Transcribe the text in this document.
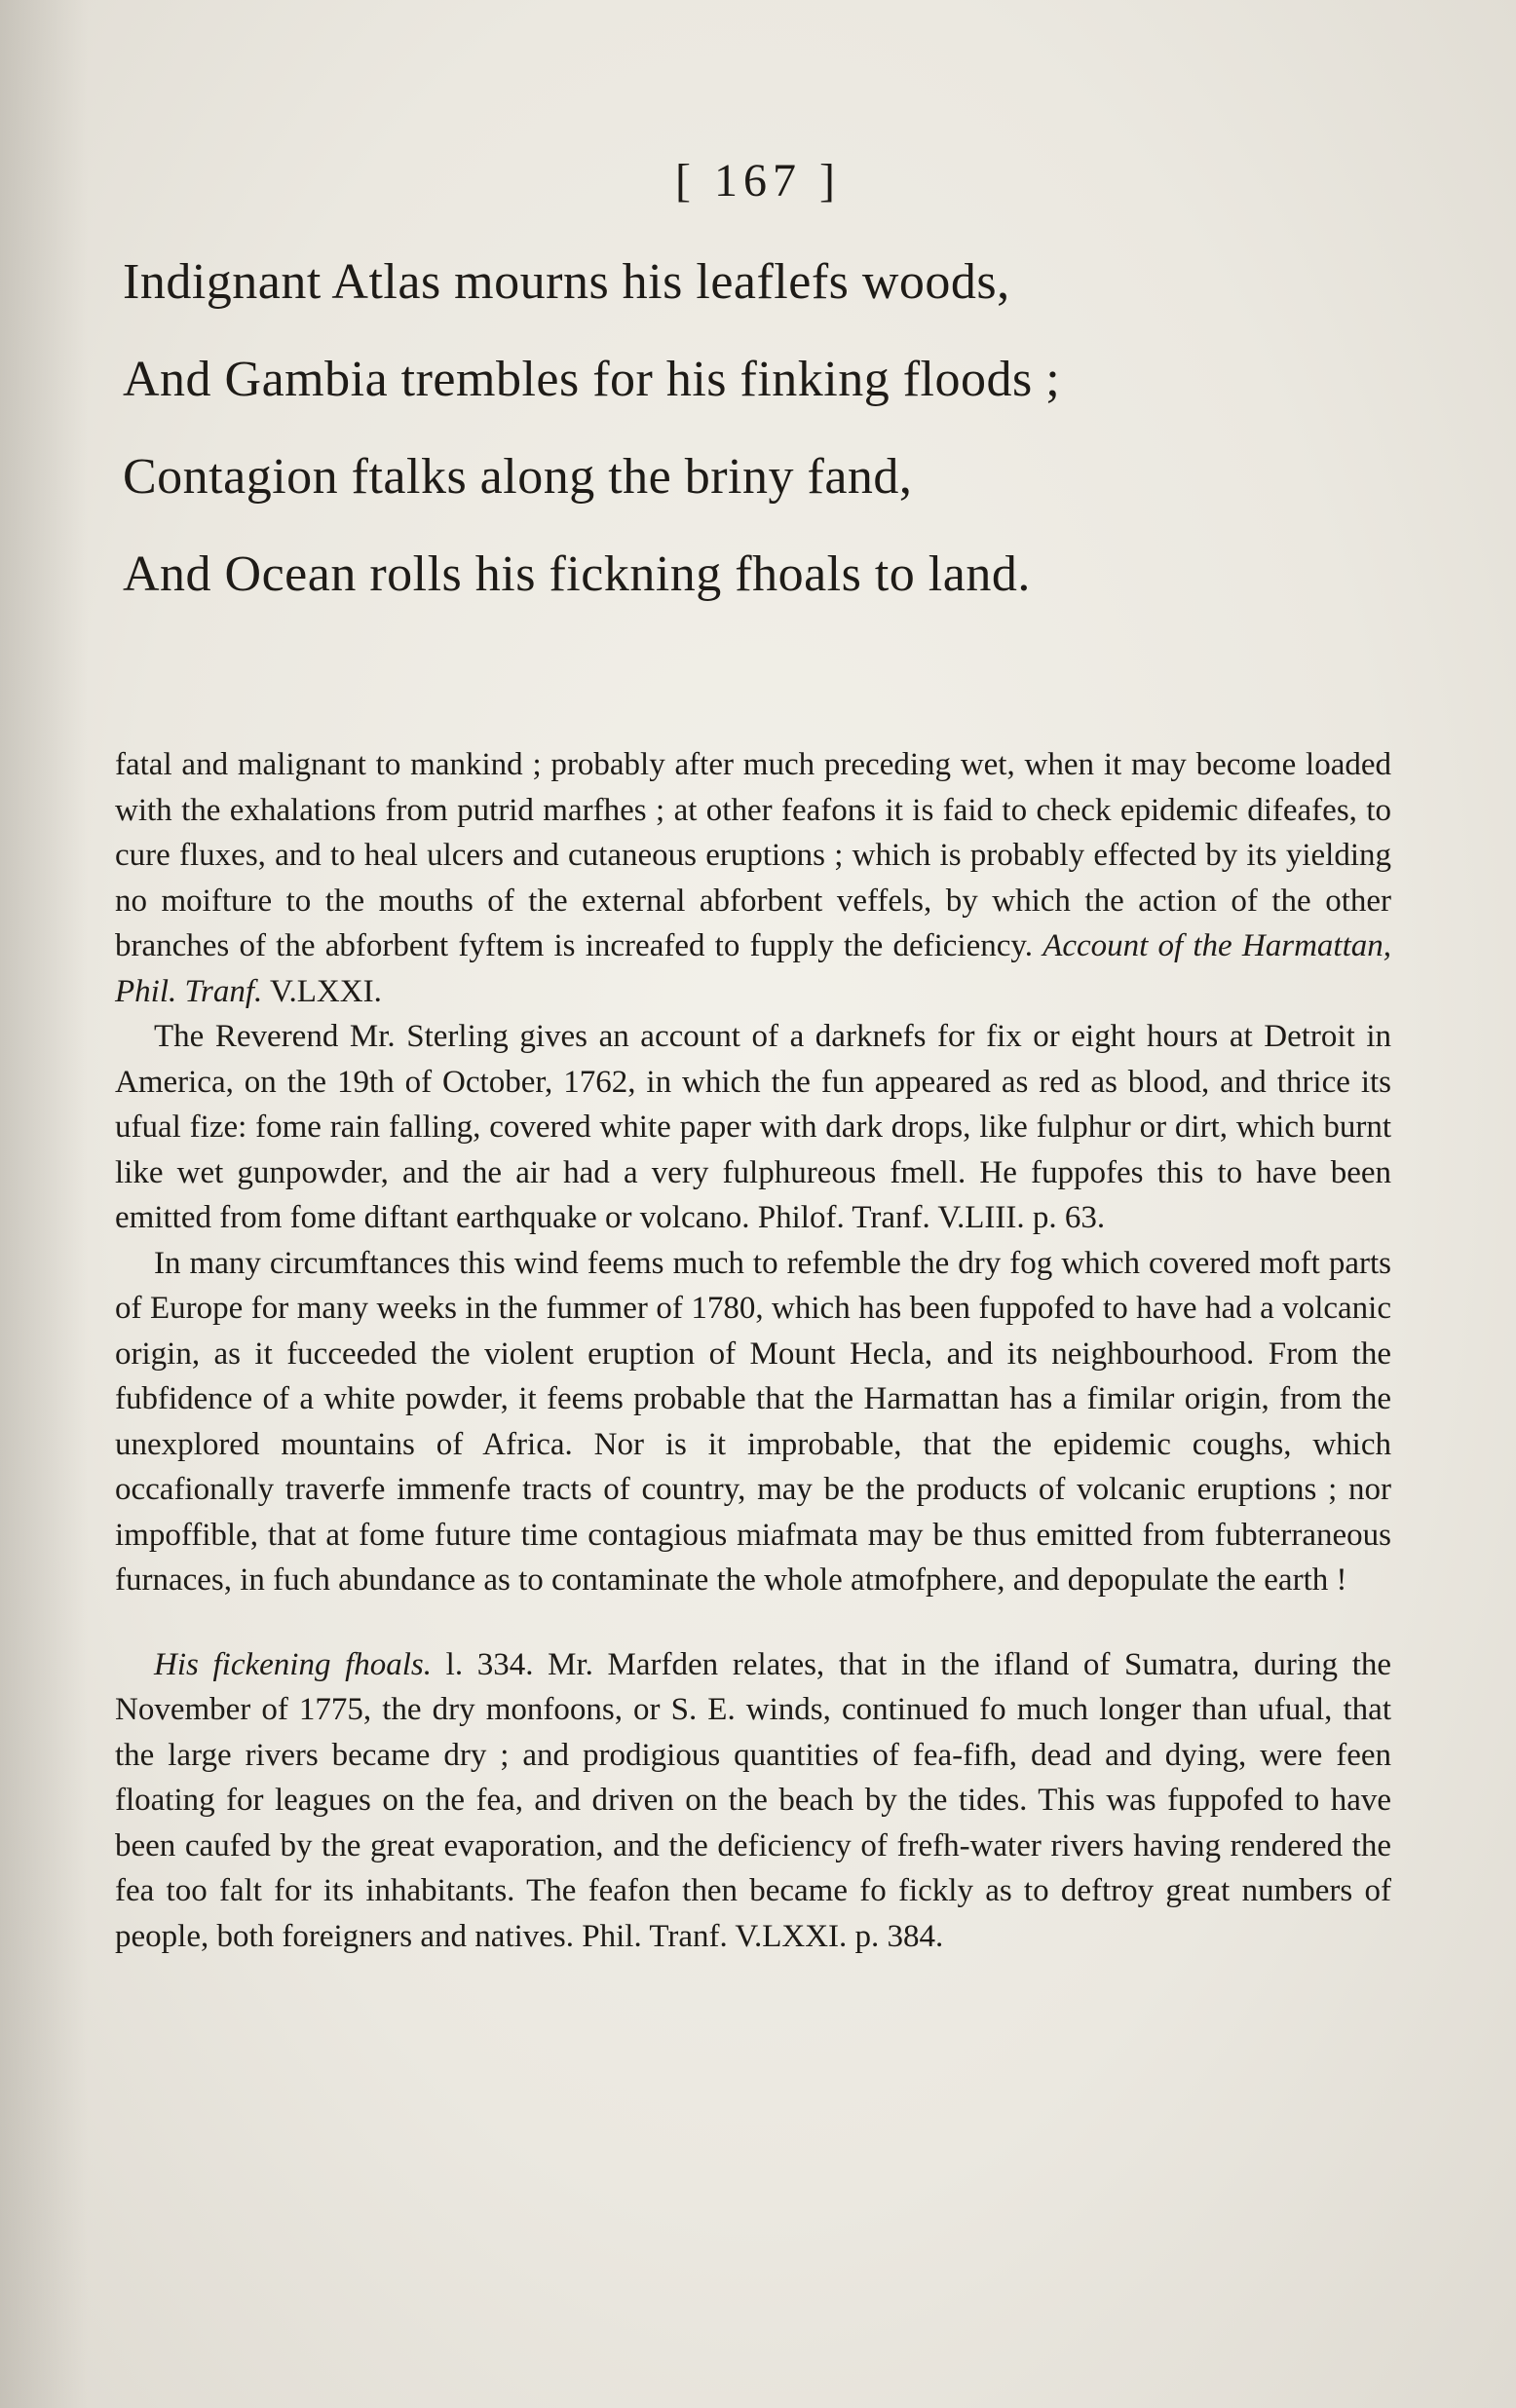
[ 167 ]
Indignant Atlas mourns his leaflefs woods,
And Gambia trembles for his finking floods ;
Contagion ftalks along the briny fand,
And Ocean rolls his fickning fhoals to land.

fatal and malignant to mankind ; probably after much preceding wet, when it may become loaded with the exhalations from putrid marfhes ; at other feafons it is faid to check epidemic difeafes, to cure fluxes, and to heal ulcers and cutaneous eruptions ; which is probably effected by its yielding no moifture to the mouths of the external abforbent veffels, by which the action of the other branches of the abforbent fyftem is increafed to fupply the deficiency. Account of the Harmattan, Phil. Tranf. V.LXXI.

The Reverend Mr. Sterling gives an account of a darknefs for fix or eight hours at Detroit in America, on the 19th of October, 1762, in which the fun appeared as red as blood, and thrice its ufual fize: fome rain falling, covered white paper with dark drops, like fulphur or dirt, which burnt like wet gunpowder, and the air had a very fulphureous fmell. He fuppofes this to have been emitted from fome diftant earthquake or volcano. Philof. Tranf. V.LIII. p. 63.

In many circumftances this wind feems much to refemble the dry fog which covered moft parts of Europe for many weeks in the fummer of 1780, which has been fuppofed to have had a volcanic origin, as it fucceeded the violent eruption of Mount Hecla, and its neighbourhood. From the fubfidence of a white powder, it feems probable that the Harmattan has a fimilar origin, from the unexplored mountains of Africa. Nor is it improbable, that the epidemic coughs, which occafionally traverfe immenfe tracts of country, may be the products of volcanic eruptions ; nor impoffible, that at fome future time contagious miafmata may be thus emitted from fubterraneous furnaces, in fuch abundance as to contaminate the whole atmofphere, and depopulate the earth !

His fickening fhoals. l. 334. Mr. Marfden relates, that in the ifland of Sumatra, during the November of 1775, the dry monfoons, or S. E. winds, continued fo much longer than ufual, that the large rivers became dry ; and prodigious quantities of fea-fifh, dead and dying, were feen floating for leagues on the fea, and driven on the beach by the tides. This was fuppofed to have been caufed by the great evaporation, and the deficiency of frefh-water rivers having rendered the fea too falt for its inhabitants. The feafon then became fo fickly as to deftroy great numbers of people, both foreigners and natives. Phil. Tranf. V.LXXI. p. 384.
